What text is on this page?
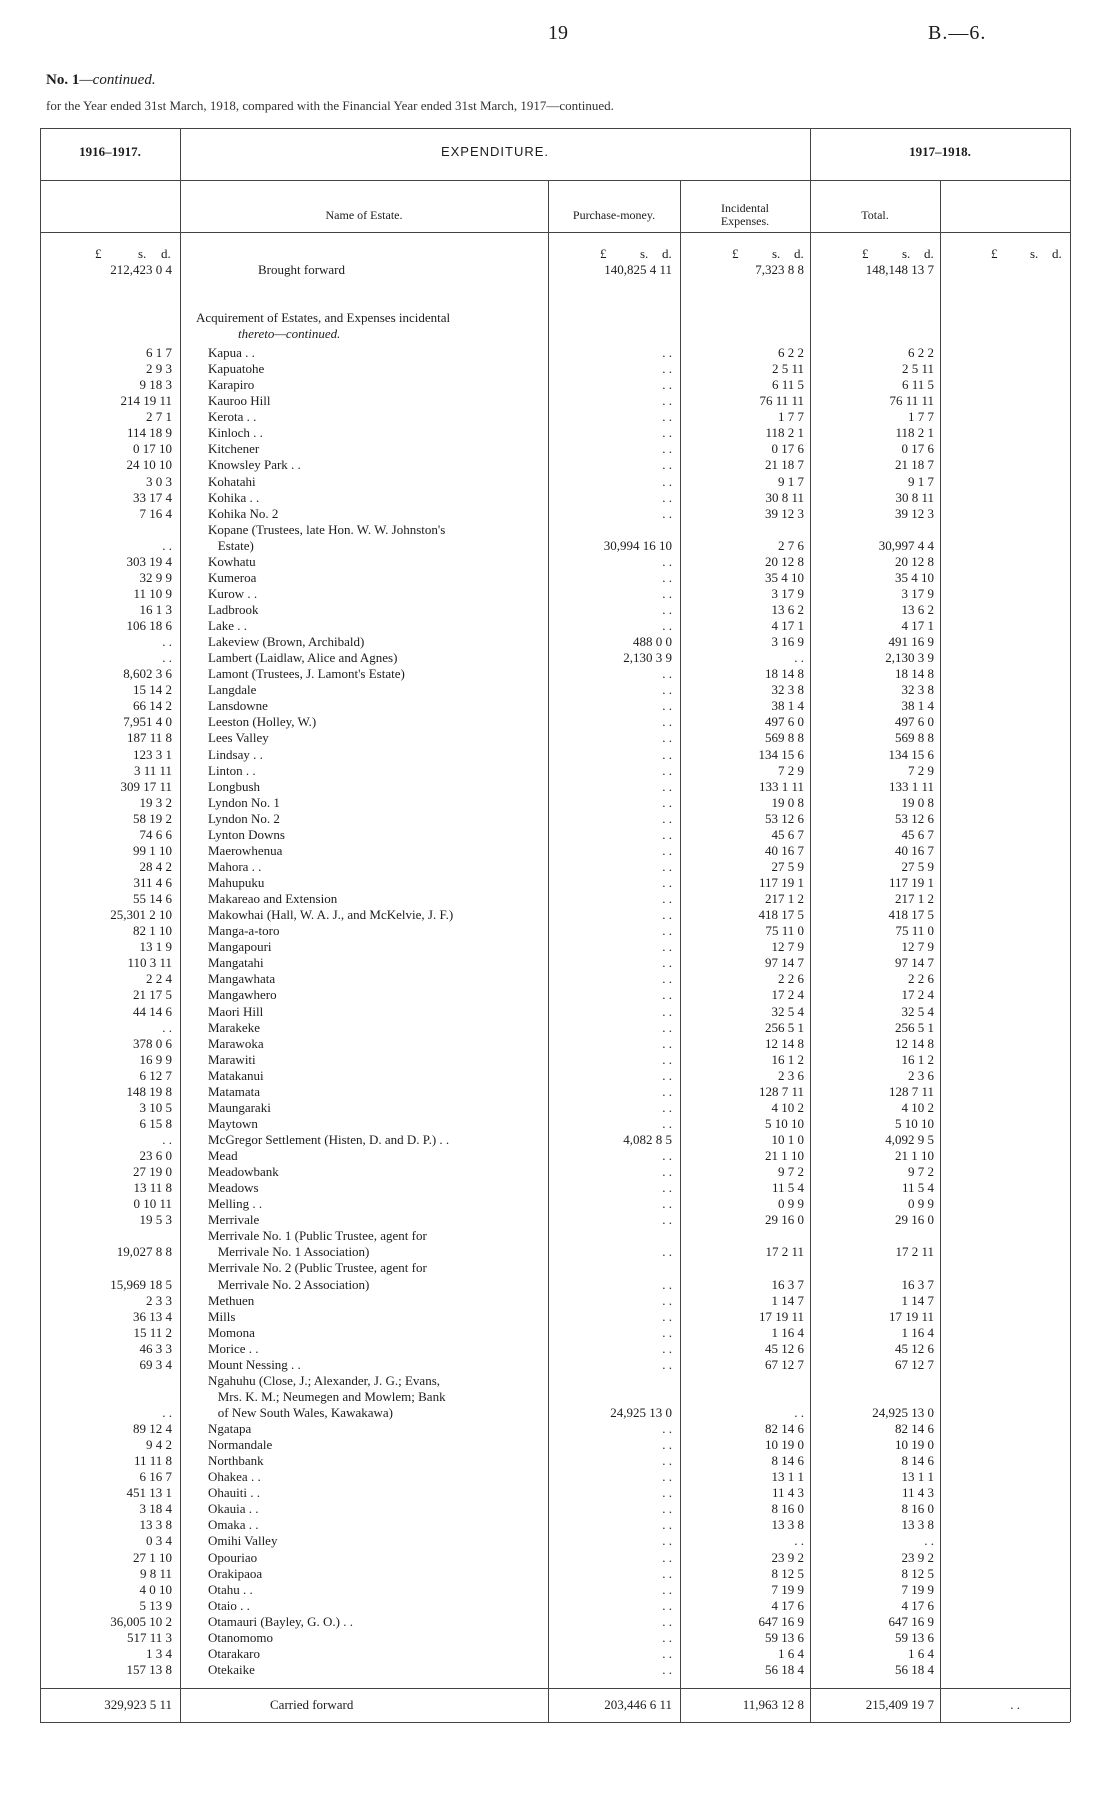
19	B.—6.
No. 1—continued.
for the Year ended 31st March, 1918, compared with the Financial Year ended 31st March, 1917—continued.
1916–1917.	EXPENDITURE.	1917–1918.
Name of Estate.	Purchase-money.	Incidental
Expenses.	Total.
£	s. d.	£	s. d.	£	s. d.	£	s. d.	£	s. d.
212,423 0 4	Brought forward	140,825 4 11	7,323 8 8	148,148 13 7
Acquirement of Estates, and Expenses incidental
thereto—continued.
6 1 7	Kapua . .	. .	6 2 2	6 2 2
2 9 3	Kapuatohe	. .	2 5 11	2 5 11
9 18 3	Karapiro	. .	6 11 5	6 11 5
214 19 11	Kauroo Hill	. .	76 11 11	76 11 11
2 7 1	Kerota . .	. .	1 7 7	1 7 7
114 18 9	Kinloch . .	. .	118 2 1	118 2 1
0 17 10	Kitchener	. .	0 17 6	0 17 6
24 10 10	Knowsley Park . .	. .	21 18 7	21 18 7
3 0 3	Kohatahi	. .	9 1 7	9 1 7
33 17 4	Kohika . .	. .	30 8 11	30 8 11
7 16 4	Kohika No. 2	. .	39 12 3	39 12 3
Kopane (Trustees, late Hon. W. W. Johnston's
. .	Estate)	30,994 16 10	2 7 6	30,997 4 4
303 19 4	Kowhatu	. .	20 12 8	20 12 8
32 9 9	Kumeroa	. .	35 4 10	35 4 10
11 10 9	Kurow . .	. .	3 17 9	3 17 9
16 1 3	Ladbrook	. .	13 6 2	13 6 2
106 18 6	Lake . .	. .	4 17 1	4 17 1
. .	Lakeview (Brown, Archibald)	488 0 0	3 16 9	491 16 9
. .	Lambert (Laidlaw, Alice and Agnes)	2,130 3 9	. .	2,130 3 9
8,602 3 6	Lamont (Trustees, J. Lamont's Estate)	. .	18 14 8	18 14 8
15 14 2	Langdale	. .	32 3 8	32 3 8
66 14 2	Lansdowne	. .	38 1 4	38 1 4
7,951 4 0	Leeston (Holley, W.)	. .	497 6 0	497 6 0
187 11 8	Lees Valley	. .	569 8 8	569 8 8
123 3 1	Lindsay . .	. .	134 15 6	134 15 6
3 11 11	Linton . .	. .	7 2 9	7 2 9
309 17 11	Longbush	. .	133 1 11	133 1 11
19 3 2	Lyndon No. 1	. .	19 0 8	19 0 8
58 19 2	Lyndon No. 2	. .	53 12 6	53 12 6
74 6 6	Lynton Downs	. .	45 6 7	45 6 7
99 1 10	Maerowhenua	. .	40 16 7	40 16 7
28 4 2	Mahora . .	. .	27 5 9	27 5 9
311 4 6	Mahupuku	. .	117 19 1	117 19 1
55 14 6	Makareao and Extension	. .	217 1 2	217 1 2
25,301 2 10	Makowhai (Hall, W. A. J., and McKelvie, J. F.)	. .	418 17 5	418 17 5
82 1 10	Manga-a-toro	. .	75 11 0	75 11 0
13 1 9	Mangapouri	. .	12 7 9	12 7 9
110 3 11	Mangatahi	. .	97 14 7	97 14 7
2 2 4	Mangawhata	. .	2 2 6	2 2 6
21 17 5	Mangawhero	. .	17 2 4	17 2 4
44 14 6	Maori Hill	. .	32 5 4	32 5 4
. .	Marakeke	. .	256 5 1	256 5 1
378 0 6	Marawoka	. .	12 14 8	12 14 8
16 9 9	Marawiti	. .	16 1 2	16 1 2
6 12 7	Matakanui	. .	2 3 6	2 3 6
148 19 8	Matamata	. .	128 7 11	128 7 11
3 10 5	Maungaraki	. .	4 10 2	4 10 2
6 15 8	Maytown	. .	5 10 10	5 10 10
. .	McGregor Settlement (Histen, D. and D. P.) . .	4,082 8 5	10 1 0	4,092 9 5
23 6 0	Mead	. .	21 1 10	21 1 10
27 19 0	Meadowbank	. .	9 7 2	9 7 2
13 11 8	Meadows	. .	11 5 4	11 5 4
0 10 11	Melling . .	. .	0 9 9	0 9 9
19 5 3	Merrivale	. .	29 16 0	29 16 0
Merrivale No. 1 (Public Trustee, agent for
19,027 8 8	Merrivale No. 1 Association)	. .	17 2 11	17 2 11
Merrivale No. 2 (Public Trustee, agent for
15,969 18 5	Merrivale No. 2 Association)	. .	16 3 7	16 3 7
2 3 3	Methuen	. .	1 14 7	1 14 7
36 13 4	Mills	. .	17 19 11	17 19 11
15 11 2	Momona	. .	1 16 4	1 16 4
46 3 3	Morice . .	. .	45 12 6	45 12 6
69 3 4	Mount Nessing . .	. .	67 12 7	67 12 7
Ngahuhu (Close, J.; Alexander, J. G.; Evans,
Mrs. K. M.; Neumegen and Mowlem; Bank
. .	of New South Wales, Kawakawa)	24,925 13 0	. .	24,925 13 0
89 12 4	Ngatapa	. .	82 14 6	82 14 6
9 4 2	Normandale	. .	10 19 0	10 19 0
11 11 8	Northbank	. .	8 14 6	8 14 6
6 16 7	Ohakea . .	. .	13 1 1	13 1 1
451 13 1	Ohauiti . .	. .	11 4 3	11 4 3
3 18 4	Okauia . .	. .	8 16 0	8 16 0
13 3 8	Omaka . .	. .	13 3 8	13 3 8
0 3 4	Omihi Valley	. .	. .	. .
27 1 10	Opouriao	. .	23 9 2	23 9 2
9 8 11	Orakipaoa	. .	8 12 5	8 12 5
4 0 10	Otahu . .	. .	7 19 9	7 19 9
5 13 9	Otaio . .	. .	4 17 6	4 17 6
36,005 10 2	Otamauri (Bayley, G. O.) . .	. .	647 16 9	647 16 9
517 11 3	Otanomomo	. .	59 13 6	59 13 6
1 3 4	Otarakaro	. .	1 6 4	1 6 4
157 13 8	Otekaike	. .	56 18 4	56 18 4
329,923 5 11	Carried forward	203,446 6 11	11,963 12 8	215,409 19 7	. .
